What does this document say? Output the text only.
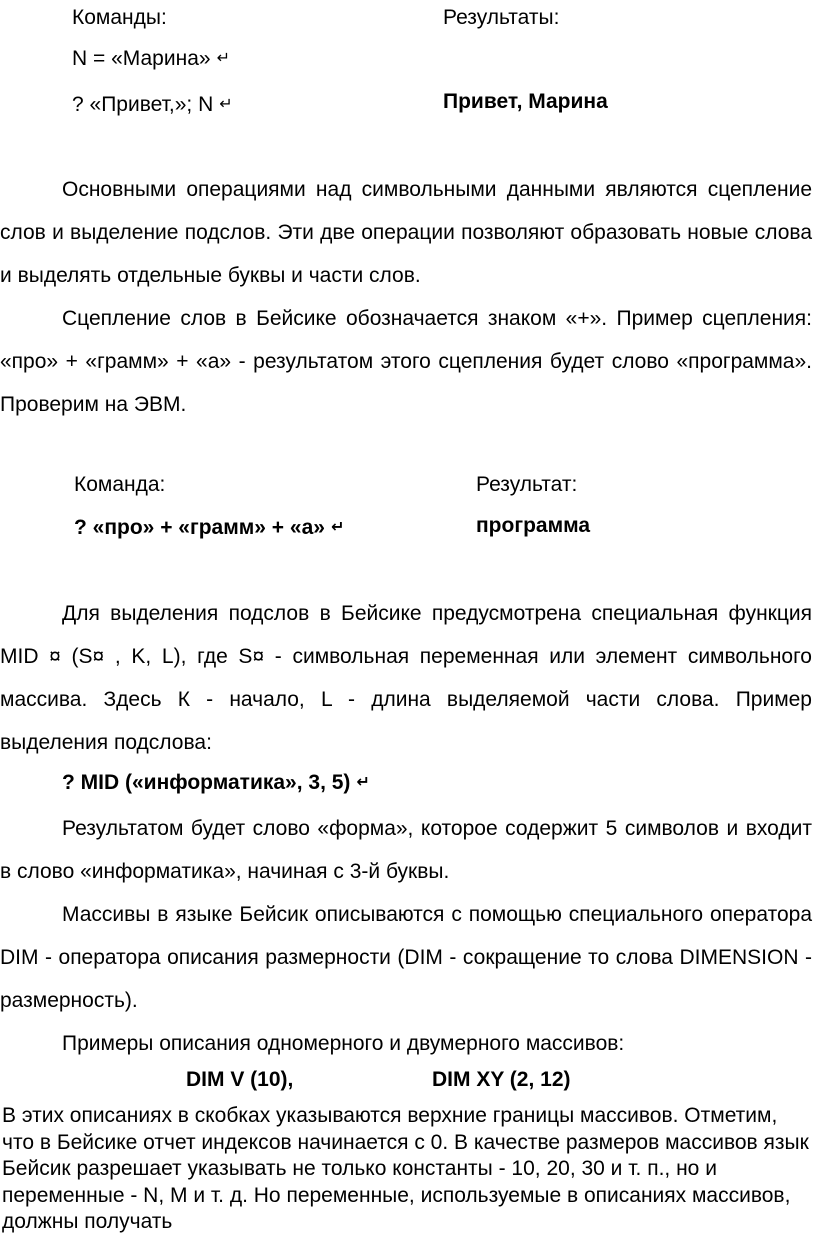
Команды:	Результаты:
N = «Марина» ↵
? «Привет,»; N ↵	Привет, Марина

Основными операциями над символьными данными являются сцепление слов и выделение подслов. Эти две операции позволяют образовать новые слова и выделять отдельные буквы и части слов.

Сцепление слов в Бейсике обозначается знаком «+». Пример сцепления: «про» + «грамм» + «а» - результатом этого сцепления будет слово «программа». Проверим на ЭВМ.

Команда:	Результат:
? «про» + «грамм» + «а» ↵	программа

Для выделения подслов в Бейсике предусмотрена специальная функция MID ¤ (S¤ , K, L), где S¤ - символьная переменная или элемент символьного массива. Здесь К - начало, L - длина выделяемой части слова. Пример выделения подслова:

? MID («информатика», 3, 5) ↵

Результатом будет слово «форма», которое содержит 5 символов и входит в слово «информатика», начиная с 3-й буквы.

Массивы в языке Бейсик описываются с помощью специального оператора DIM - оператора описания размерности (DIM - сокращение то слова DIMENSION - размерность).

Примеры описания одномерного и двумерного массивов:

DIM V (10),	DIM XY (2, 12)

В этих описаниях в скобках указываются верхние границы массивов. Отметим, что в Бейсике отчет индексов начинается с 0. В качестве размеров массивов язык Бейсик разрешает указывать не только константы - 10, 20, 30 и т. п., но и переменные - N, M и т. д. Но переменные, используемые в описаниях массивов, должны получать
